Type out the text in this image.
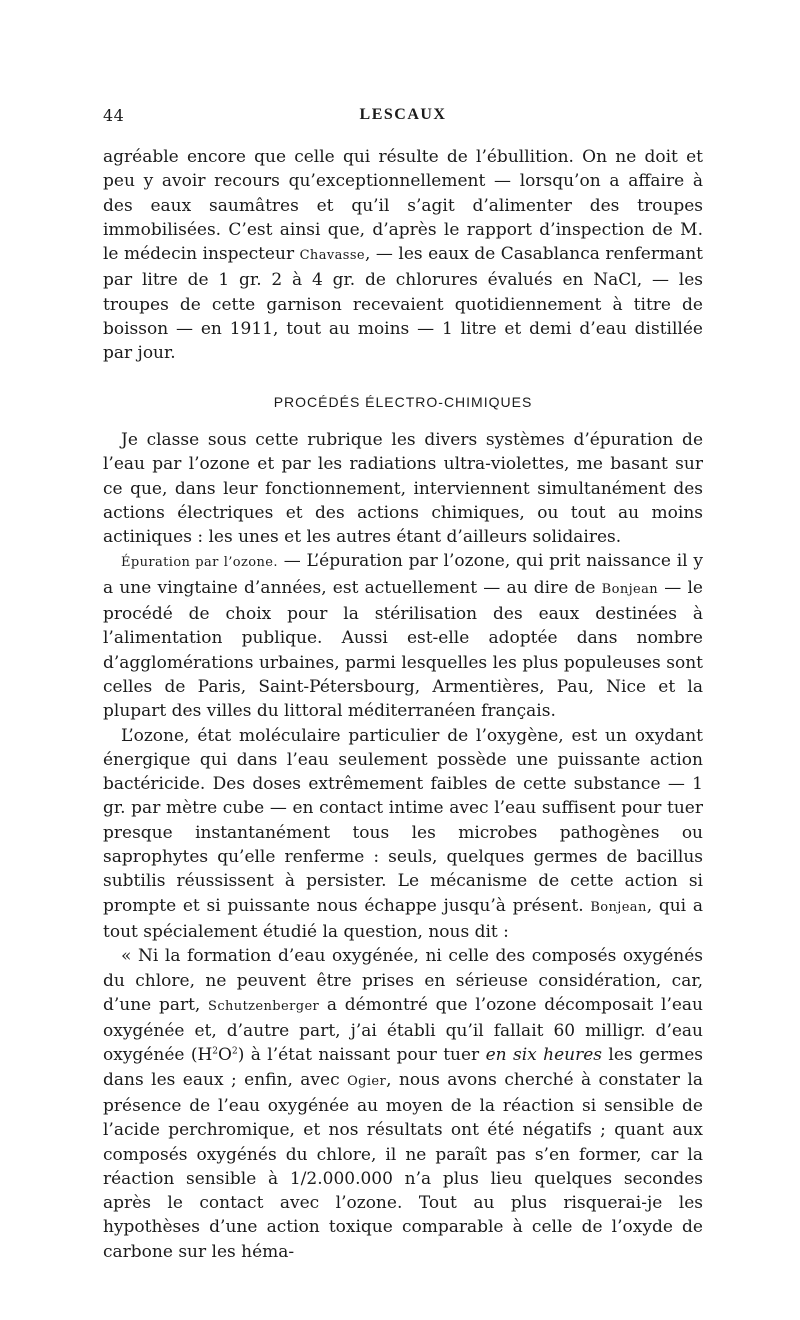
44	LESCAUX

agréable encore que celle qui résulte de l’ébullition. On ne doit et peu y avoir recours qu’exceptionnellement — lorsqu’on a affaire à des eaux saumâtres et qu’il s’agit d’alimenter des troupes immobilisées. C’est ainsi que, d’après le rapport d’inspection de M. le médecin inspecteur Chavasse, — les eaux de Casablanca renfermant par litre de 1 gr. 2 à 4 gr. de chlorures évalués en NaCl, — les troupes de cette garnison recevaient quotidiennement à titre de boisson — en 1911, tout au moins — 1 litre et demi d’eau distillée par jour.

PROCÉDÉS ÉLECTRO-CHIMIQUES

Je classe sous cette rubrique les divers systèmes d’épuration de l’eau par l’ozone et par les radiations ultra-violettes, me basant sur ce que, dans leur fonctionnement, interviennent simultanément des actions électriques et des actions chimiques, ou tout au moins actiniques : les unes et les autres étant d’ailleurs solidaires.

Épuration par l’ozone. — L’épuration par l’ozone, qui prit naissance il y a une vingtaine d’années, est actuellement — au dire de Bonjean — le procédé de choix pour la stérilisation des eaux destinées à l’alimentation publique. Aussi est-elle adoptée dans nombre d’agglomérations urbaines, parmi lesquelles les plus populeuses sont celles de Paris, Saint-Pétersbourg, Armentières, Pau, Nice et la plupart des villes du littoral méditerranéen français.

L’ozone, état moléculaire particulier de l’oxygène, est un oxydant énergique qui dans l’eau seulement possède une puissante action bactéricide. Des doses extrêmement faibles de cette substance — 1 gr. par mètre cube — en contact intime avec l’eau suffisent pour tuer presque instantanément tous les microbes pathogènes ou saprophytes qu’elle renferme : seuls, quelques germes de bacillus subtilis réussissent à persister. Le mécanisme de cette action si prompte et si puissante nous échappe jusqu’à présent. Bonjean, qui a tout spécialement étudié la question, nous dit :

« Ni la formation d’eau oxygénée, ni celle des composés oxygénés du chlore, ne peuvent être prises en sérieuse considération, car, d’une part, Schutzenberger a démontré que l’ozone décomposait l’eau oxygénée et, d’autre part, j’ai établi qu’il fallait 60 milligr. d’eau oxygénée $(H^2O^2)$ à l’état naissant pour tuer en six heures les germes dans les eaux ; enfin, avec Ogier, nous avons cherché à constater la présence de l’eau oxygénée au moyen de la réaction si sensible de l’acide perchromique, et nos résultats ont été négatifs ; quant aux composés oxygénés du chlore, il ne paraît pas s’en former, car la réaction sensible à 1/2.000.000 n’a plus lieu quelques secondes après le contact avec l’ozone. Tout au plus risquerai-je les hypothèses d’une action toxique comparable à celle de l’oxyde de carbone sur les héma-
